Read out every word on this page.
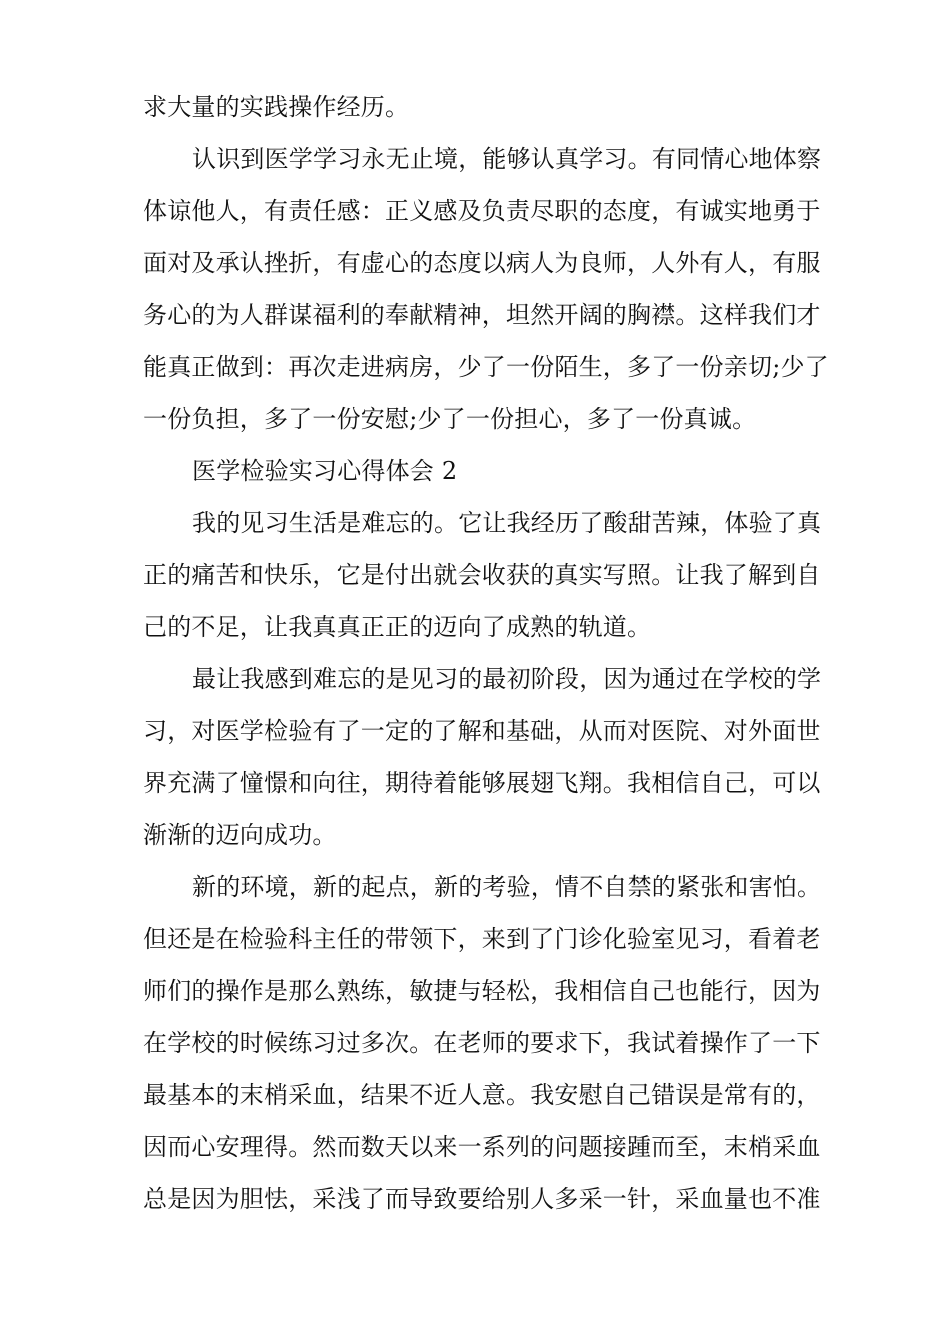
求大量的实践操作经历。
认识到医学学习永无止境，能够认真学习。有同情心地体察
体谅他人，有责任感：正义感及负责尽职的态度，有诚实地勇于
面对及承认挫折，有虚心的态度以病人为良师，人外有人，有服
务心的为人群谋福利的奉献精神，坦然开阔的胸襟。这样我们才
能真正做到：再次走进病房，少了一份陌生，多了一份亲切;少了
一份负担，多了一份安慰;少了一份担心，多了一份真诚。
医学检验实习心得体会 2
我的见习生活是难忘的。它让我经历了酸甜苦辣，体验了真
正的痛苦和快乐，它是付出就会收获的真实写照。让我了解到自
己的不足，让我真真正正的迈向了成熟的轨道。
最让我感到难忘的是见习的最初阶段，因为通过在学校的学
习，对医学检验有了一定的了解和基础，从而对医院、对外面世
界充满了憧憬和向往，期待着能够展翅飞翔。我相信自己，可以
渐渐的迈向成功。
新的环境，新的起点，新的考验，情不自禁的紧张和害怕。
但还是在检验科主任的带领下，来到了门诊化验室见习，看着老
师们的操作是那么熟练，敏捷与轻松，我相信自己也能行，因为
在学校的时候练习过多次。在老师的要求下，我试着操作了一下
最基本的末梢采血，结果不近人意。我安慰自己错误是常有的，
因而心安理得。然而数天以来一系列的问题接踵而至，末梢采血
总是因为胆怯，采浅了而导致要给别人多采一针，采血量也不准
